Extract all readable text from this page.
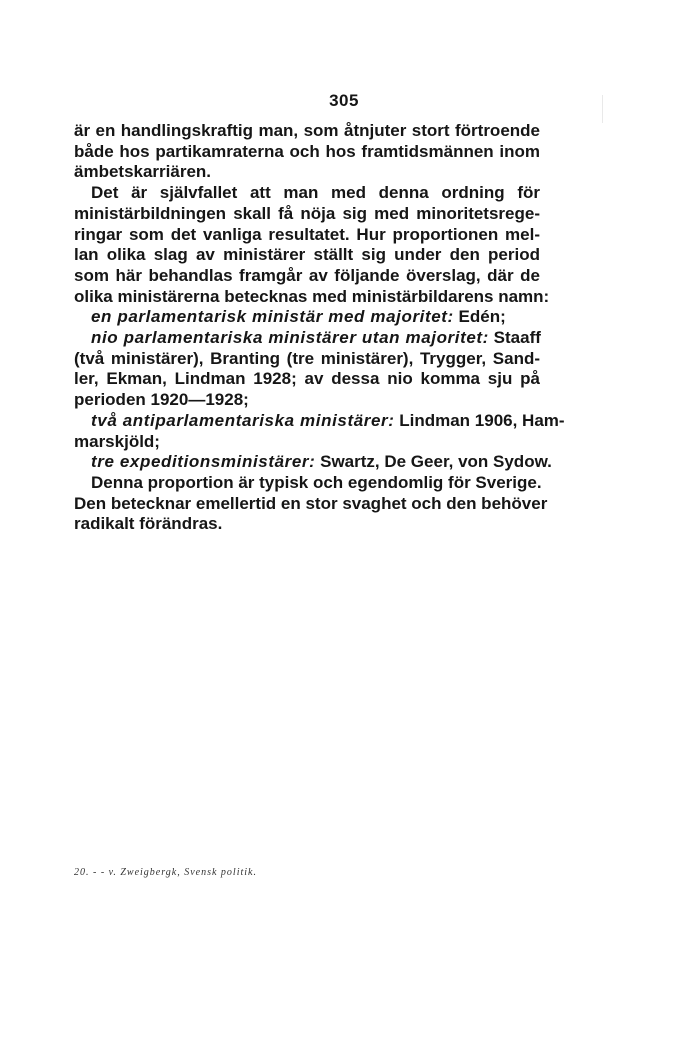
305
är en handlingskraftig man, som åtnjuter stort förtroende
både hos partikamraterna och hos framtidsmännen inom
ämbetskarriären.
Det är självfallet att man med denna ordning för
ministärbildningen skall få nöja sig med minoritetsrege-
ringar som det vanliga resultatet. Hur proportionen mel-
lan olika slag av ministärer ställt sig under den period
som här behandlas framgår av följande överslag, där de
olika ministärerna betecknas med ministärbildarens namn:
en parlamentarisk ministär med majoritet: Edén;
nio parlamentariska ministärer utan majoritet: Staaff
(två ministärer), Branting (tre ministärer), Trygger, Sand-
ler, Ekman, Lindman 1928; av dessa nio komma sju på
perioden 1920—1928;
två antiparlamentariska ministärer: Lindman 1906, Ham-
marskjöld;
tre expeditionsministärer: Swartz, De Geer, von Sydow.
Denna proportion är typisk och egendomlig för Sverige.
Den betecknar emellertid en stor svaghet och den behöver
radikalt förändras.
20. - - v. Zweigbergk, Svensk politik.
